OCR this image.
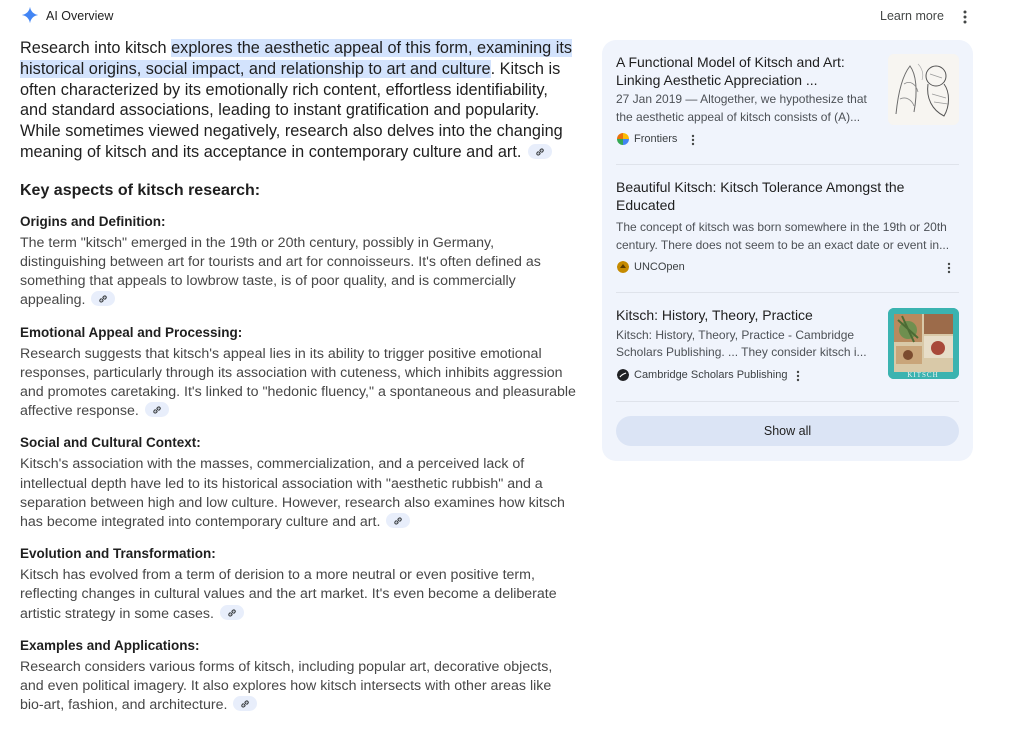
AI Overview	Learn more

Research into kitsch explores the aesthetic appeal of this form, examining its historical origins, social impact, and relationship to art and culture. Kitsch is often characterized by its emotionally rich content, effortless identifiability, and standard associations, leading to instant gratification and popularity. While sometimes viewed negatively, research also delves into the changing meaning of kitsch and its acceptance in contemporary culture and art.

Key aspects of kitsch research:
Origins and Definition:

The term "kitsch" emerged in the 19th or 20th century, possibly in Germany, distinguishing between art for tourists and art for connoisseurs. It's often defined as something that appeals to lowbrow taste, is of poor quality, and is commercially appealing.

Emotional Appeal and Processing:

Research suggests that kitsch's appeal lies in its ability to trigger positive emotional responses, particularly through its association with cuteness, which inhibits aggression and promotes caretaking. It's linked to "hedonic fluency," a spontaneous and pleasurable affective response.

Social and Cultural Context:

Kitsch's association with the masses, commercialization, and a perceived lack of intellectual depth have led to its historical association with "aesthetic rubbish" and a separation between high and low culture. However, research also examines how kitsch has become integrated into contemporary culture and art.

Evolution and Transformation:

Kitsch has evolved from a term of derision to a more neutral or even positive term, reflecting changes in cultural values and the art market. It's even become a deliberate artistic strategy in some cases.

Examples and Applications:

Research considers various forms of kitsch, including popular art, decorative objects, and even political imagery. It also explores how kitsch intersects with other areas like bio-art, fashion, and architecture.

A Functional Model of Kitsch and Art: Linking Aesthetic Appreciation ...
27 Jan 2019 — Altogether, we hypothesize that the aesthetic appeal of kitsch consists of (A)...
Frontiers
Beautiful Kitsch: Kitsch Tolerance Amongst the Educated
The concept of kitsch was born somewhere in the 19th or 20th century. There does not seem to be an exact date or event in...
UNCOpen
Kitsch: History, Theory, Practice
Kitsch: History, Theory, Practice - Cambridge Scholars Publishing. ... They consider kitsch i...
Cambridge Scholars Publishing	KITSCH
Show all
